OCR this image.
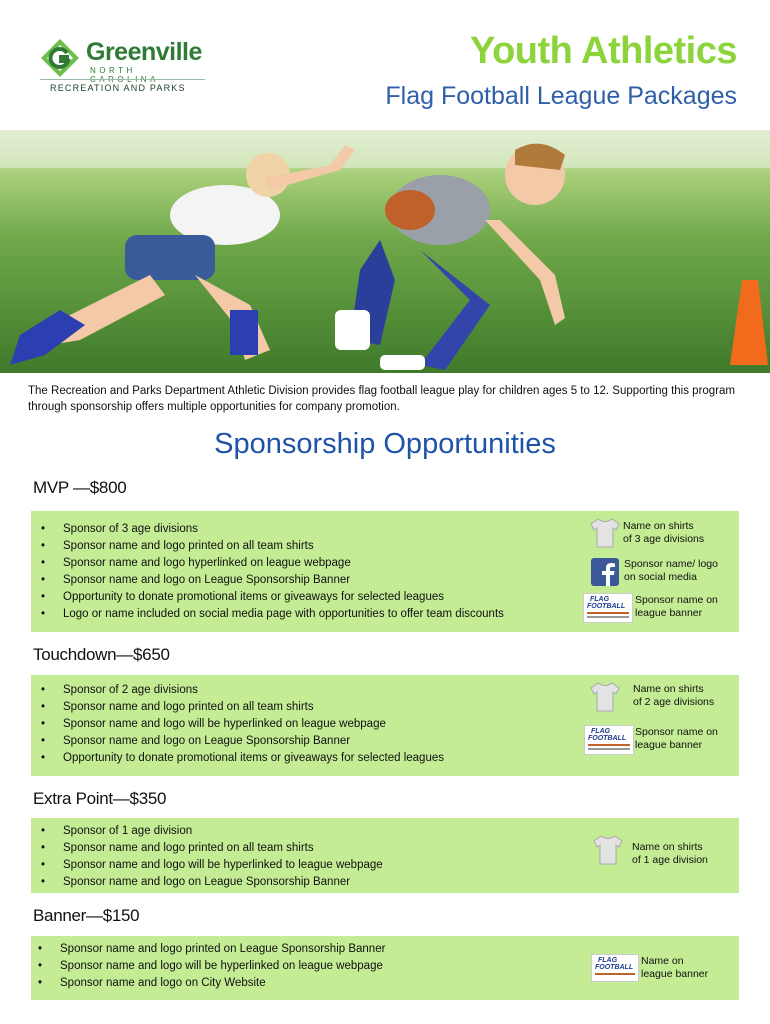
Greenville
NORTH CAROLINA
RECREATION AND PARKS
Youth Athletics
Flag Football League Packages
The Recreation and Parks Department Athletic Division provides flag football league play for children ages 5 to 12. Supporting this program through sponsorship offers multiple opportunities for company promotion.
Sponsorship Opportunities
MVP —$800
• Sponsor of 3 age divisions
• Sponsor name and logo printed on all team shirts
• Sponsor name and logo hyperlinked on league webpage
• Sponsor name and logo on League Sponsorship Banner
• Opportunity to donate promotional items or giveaways for selected leagues
• Logo or name included on social media page with opportunities to offer team discounts
Name on shirts
of 3 age divisions
Sponsor name/ logo
on social media
FLAG
FOOTBALL
Sponsor name on
league banner
Touchdown—$650
• Sponsor of 2 age divisions
• Sponsor name and logo printed on all team shirts
• Sponsor name and logo will be hyperlinked on league webpage
• Sponsor name and logo on League Sponsorship Banner
• Opportunity to donate promotional items or giveaways for selected leagues
Name on shirts
of 2 age divisions
FLAG
FOOTBALL
Sponsor name on
league banner
Extra Point—$350
• Sponsor of 1 age division
• Sponsor name and logo printed on all team shirts
• Sponsor name and logo will be hyperlinked to league webpage
• Sponsor name and logo on League Sponsorship Banner
Name on shirts
of 1 age division
Banner—$150
• Sponsor name and logo printed on League Sponsorship Banner
• Sponsor name and logo will be hyperlinked on league webpage
• Sponsor name and logo on City Website
FLAG
FOOTBALL
Name on
league banner
